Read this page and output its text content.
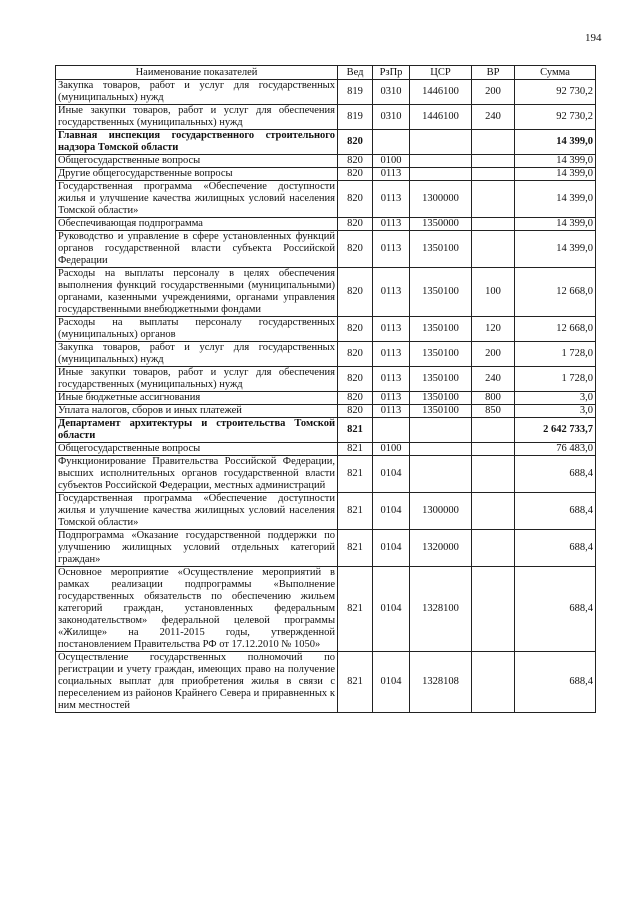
194
Наименование показателей	Вед	РзПр	ЦСР	ВР	Сумма
Закупка товаров, работ и услуг для государственных (муниципальных) нужд	819	0310	1446100	200	92 730,2
Иные закупки товаров, работ и услуг для обеспечения государственных (муниципальных) нужд	819	0310	1446100	240	92 730,2
Главная инспекция государственного строительного надзора Томской области	820				14 399,0
Общегосударственные вопросы	820	0100			14 399,0
Другие общегосударственные вопросы	820	0113			14 399,0
Государственная программа «Обеспечение доступности жилья и улучшение качества жилищных условий населения Томской области»	820	0113	1300000		14 399,0
Обеспечивающая подпрограмма	820	0113	1350000		14 399,0
Руководство и управление в сфере установленных функций органов государственной власти субъекта Российской Федерации	820	0113	1350100		14 399,0
Расходы на выплаты персоналу в целях обеспечения выполнения функций государственными (муниципальными) органами, казенными учреждениями, органами управления государственными внебюджетными фондами	820	0113	1350100	100	12 668,0
Расходы на выплаты персоналу государственных (муниципальных) органов	820	0113	1350100	120	12 668,0
Закупка товаров, работ и услуг для государственных (муниципальных) нужд	820	0113	1350100	200	1 728,0
Иные закупки товаров, работ и услуг для обеспечения государственных (муниципальных) нужд	820	0113	1350100	240	1 728,0
Иные бюджетные ассигнования	820	0113	1350100	800	3,0
Уплата налогов, сборов и иных платежей	820	0113	1350100	850	3,0
Департамент архитектуры и строительства Томской области	821				2 642 733,7
Общегосударственные вопросы	821	0100			76 483,0
Функционирование Правительства Российской Федерации, высших исполнительных органов государственной власти субъектов Российской Федерации, местных администраций	821	0104			688,4
Государственная программа «Обеспечение доступности жилья и улучшение качества жилищных условий населения Томской области»	821	0104	1300000		688,4
Подпрограмма «Оказание государственной поддержки по улучшению жилищных условий отдельных категорий граждан»	821	0104	1320000		688,4
Основное мероприятие «Осуществление мероприятий в рамках реализации подпрограммы «Выполнение государственных обязательств по обеспечению жильем категорий граждан, установленных федеральным законодательством» федеральной целевой программы «Жилище» на 2011-2015 годы, утвержденной постановлением Правительства РФ от 17.12.2010 № 1050»	821	0104	1328100		688,4
Осуществление государственных полномочий по регистрации и учету граждан, имеющих право на получение социальных выплат для приобретения жилья в связи с переселением из районов Крайнего Севера и приравненных к ним местностей	821	0104	1328108		688,4
